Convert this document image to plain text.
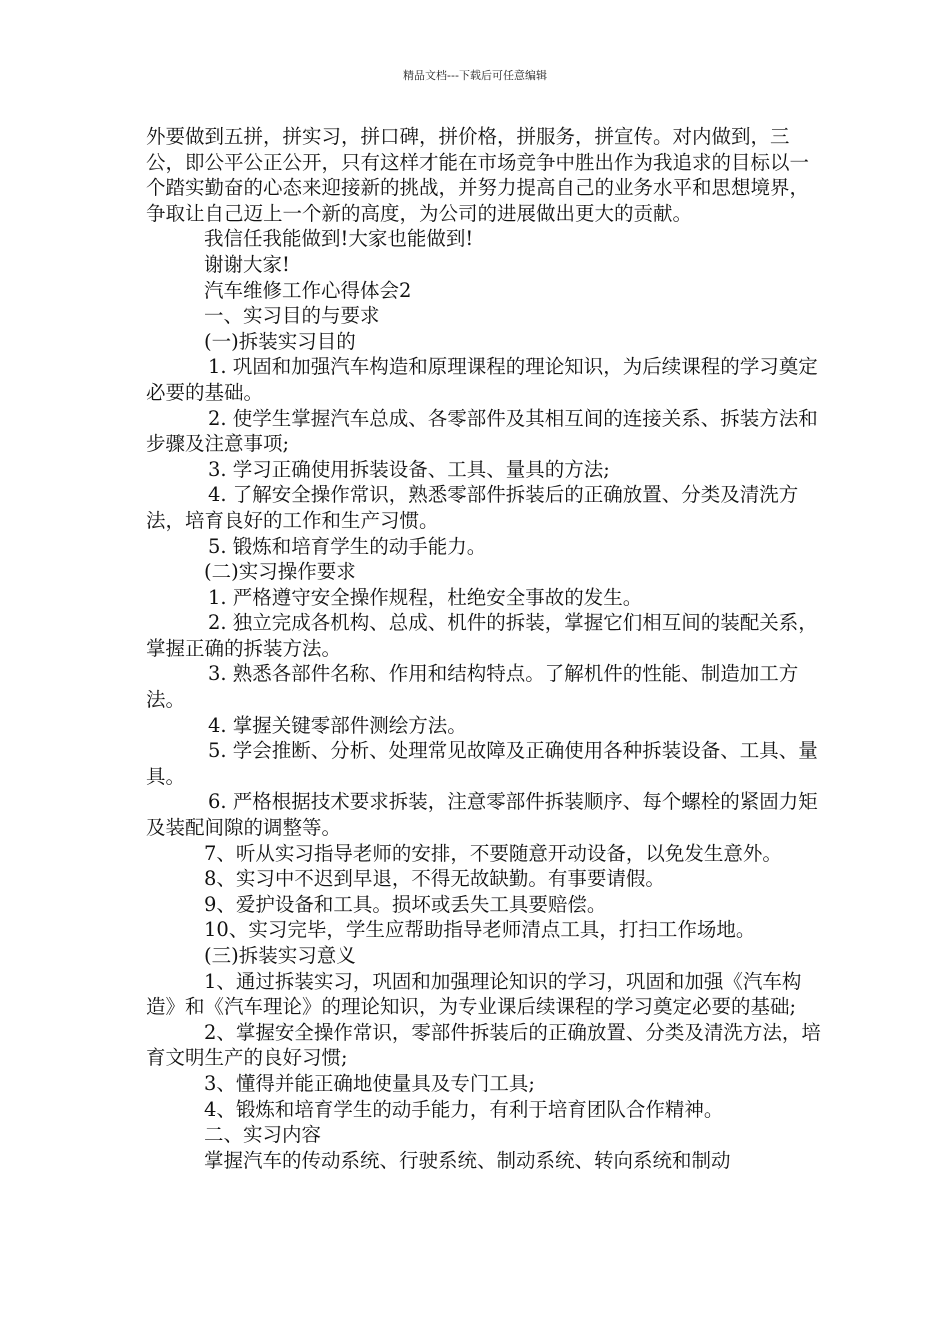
精品文档---下载后可任意编辑

外要做到五拼，拼实习，拼口碑，拼价格，拼服务，拼宣传。对内做到，三公，即公平公正公开，只有这样才能在市场竞争中胜出作为我追求的目标以一个踏实勤奋的心态来迎接新的挑战，并努力提高自己的业务水平和思想境界，争取让自己迈上一个新的高度，为公司的进展做出更大的贡献。

我信任我能做到!大家也能做到!

谢谢大家!

汽车维修工作心得体会2

一、实习目的与要求

(一)拆装实习目的

1. 巩固和加强汽车构造和原理课程的理论知识，为后续课程的学习奠定必要的基础。

2. 使学生掌握汽车总成、各零部件及其相互间的连接关系、拆装方法和步骤及注意事项;

3. 学习正确使用拆装设备、工具、量具的方法;

4. 了解安全操作常识，熟悉零部件拆装后的正确放置、分类及清洗方法，培育良好的工作和生产习惯。

5. 锻炼和培育学生的动手能力。

(二)实习操作要求

1. 严格遵守安全操作规程，杜绝安全事故的发生。

2. 独立完成各机构、总成、机件的拆装，掌握它们相互间的装配关系，掌握正确的拆装方法。

3. 熟悉各部件名称、作用和结构特点。了解机件的性能、制造加工方法。

4. 掌握关键零部件测绘方法。

5. 学会推断、分析、处理常见故障及正确使用各种拆装设备、工具、量具。

6. 严格根据技术要求拆装，注意零部件拆装顺序、每个螺栓的紧固力矩及装配间隙的调整等。

7、听从实习指导老师的安排，不要随意开动设备，以免发生意外。

8、实习中不迟到早退，不得无故缺勤。有事要请假。

9、爱护设备和工具。损坏或丢失工具要赔偿。

10、实习完毕，学生应帮助指导老师清点工具，打扫工作场地。

(三)拆装实习意义

1、通过拆装实习，巩固和加强理论知识的学习，巩固和加强《汽车构造》和《汽车理论》的理论知识，为专业课后续课程的学习奠定必要的基础;

2、掌握安全操作常识，零部件拆装后的正确放置、分类及清洗方法，培育文明生产的良好习惯;

3、懂得并能正确地使量具及专门工具;

4、锻炼和培育学生的动手能力，有利于培育团队合作精神。

二、实习内容

掌握汽车的传动系统、行驶系统、制动系统、转向系统和制动
